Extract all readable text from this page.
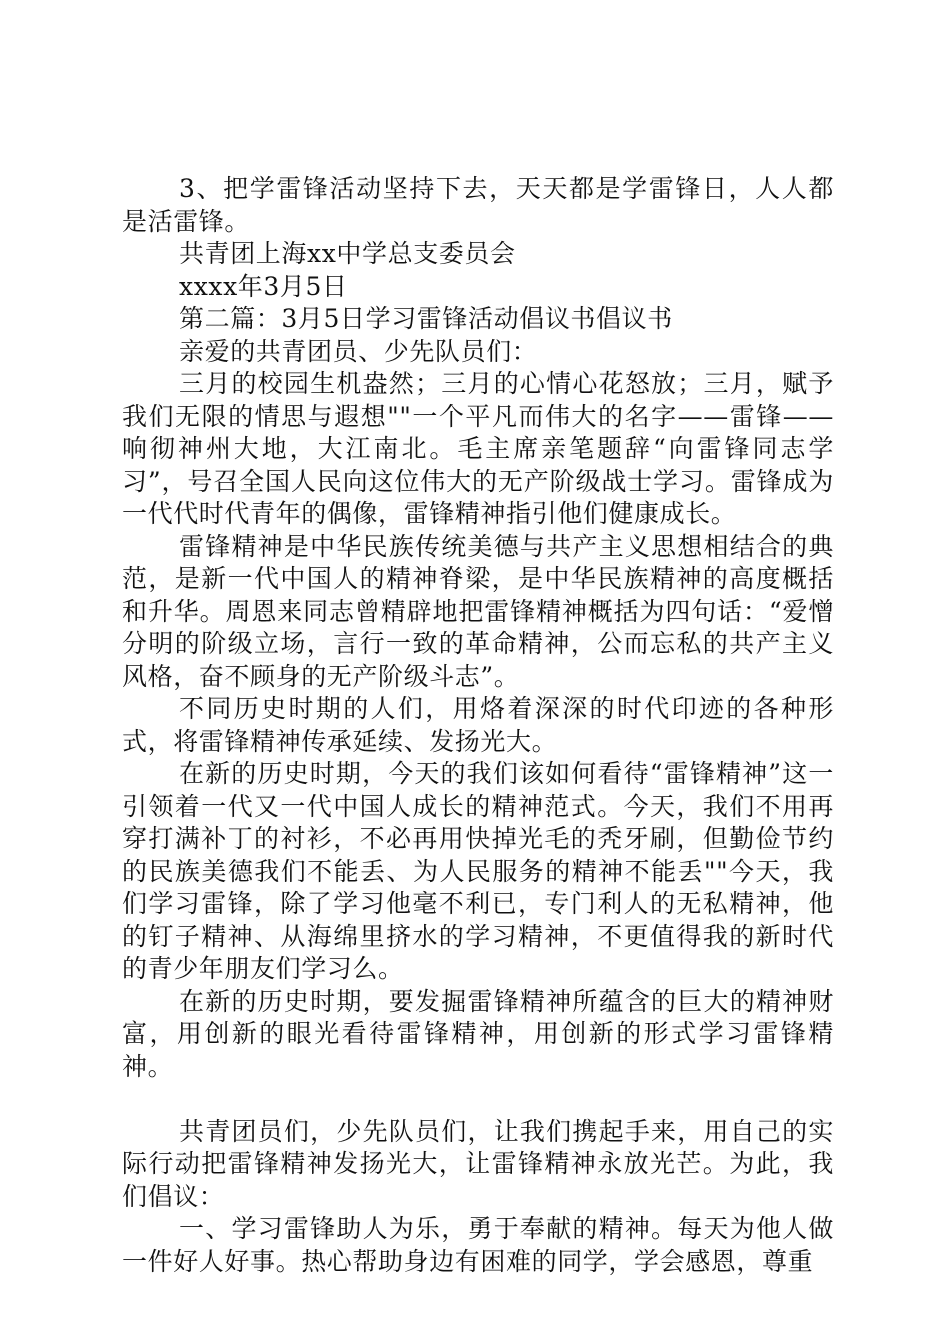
3、把学雷锋活动坚持下去，天天都是学雷锋日，人人都是活雷锋。

共青团上海xx中学总支委员会

xxxx年3月5日

第二篇：3月5日学习雷锋活动倡议书倡议书

亲爱的共青团员、少先队员们：

三月的校园生机盎然；三月的心情心花怒放；三月，赋予我们无限的情思与遐想""一个平凡而伟大的名字——雷锋——响彻神州大地，大江南北。毛主席亲笔题辞“向雷锋同志学习”，号召全国人民向这位伟大的无产阶级战士学习。雷锋成为一代代时代青年的偶像，雷锋精神指引他们健康成长。

雷锋精神是中华民族传统美德与共产主义思想相结合的典范，是新一代中国人的精神脊梁，是中华民族精神的高度概括和升华。周恩来同志曾精辟地把雷锋精神概括为四句话：“爱憎分明的阶级立场，言行一致的革命精神，公而忘私的共产主义风格，奋不顾身的无产阶级斗志”。

不同历史时期的人们，用烙着深深的时代印迹的各种形式，将雷锋精神传承延续、发扬光大。

在新的历史时期，今天的我们该如何看待“雷锋精神”这一引领着一代又一代中国人成长的精神范式。今天，我们不用再穿打满补丁的衬衫，不必再用快掉光毛的秃牙刷，但勤俭节约的民族美德我们不能丢、为人民服务的精神不能丢""今天，我们学习雷锋，除了学习他毫不利已，专门利人的无私精神，他的钉子精神、从海绵里挤水的学习精神，不更值得我的新时代的青少年朋友们学习么。

在新的历史时期，要发掘雷锋精神所蕴含的巨大的精神财富，用创新的眼光看待雷锋精神，用创新的形式学习雷锋精神。

共青团员们，少先队员们，让我们携起手来，用自己的实际行动把雷锋精神发扬光大，让雷锋精神永放光芒。为此，我们倡议：

一、学习雷锋助人为乐，勇于奉献的精神。每天为他人做一件好人好事。热心帮助身边有困难的同学，学会感恩，尊重
